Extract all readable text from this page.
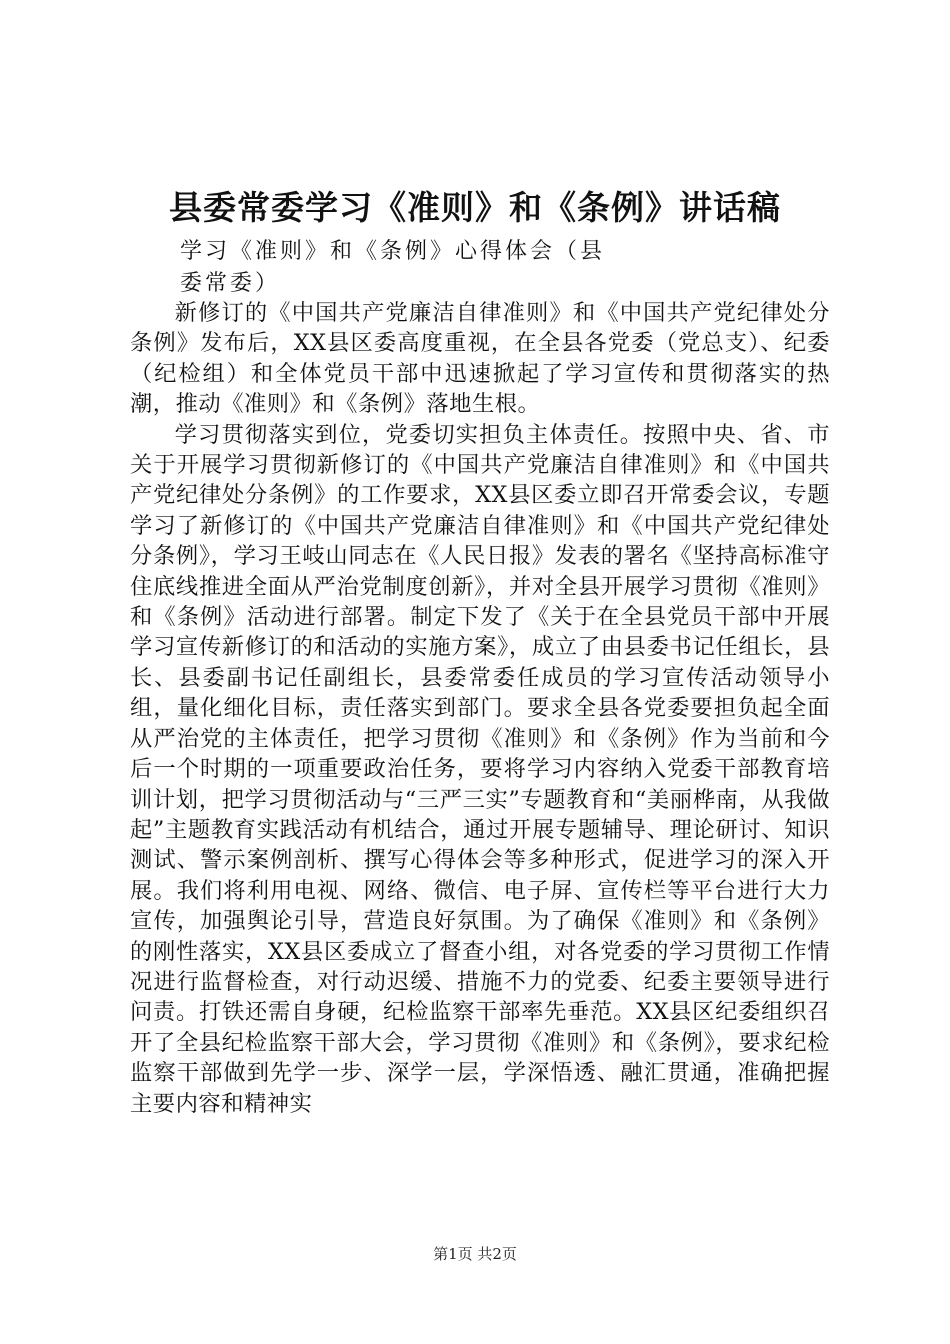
县委常委学习《准则》和《条例》讲话稿
学习《准则》和《条例》心得体会（县委常委）

新修订的《中国共产党廉洁自律准则》和《中国共产党纪律处分条例》发布后，XX县区委高度重视，在全县各党委（党总支）、纪委（纪检组）和全体党员干部中迅速掀起了学习宣传和贯彻落实的热潮，推动《准则》和《条例》落地生根。

学习贯彻落实到位，党委切实担负主体责任。按照中央、省、市关于开展学习贯彻新修订的《中国共产党廉洁自律准则》和《中国共产党纪律处分条例》的工作要求，XX县区委立即召开常委会议，专题学习了新修订的《中国共产党廉洁自律准则》和《中国共产党纪律处分条例》，学习王岐山同志在《人民日报》发表的署名《坚持高标准守住底线推进全面从严治党制度创新》，并对全县开展学习贯彻《准则》和《条例》活动进行部署。制定下发了《关于在全县党员干部中开展学习宣传新修订的和活动的实施方案》，成立了由县委书记任组长，县长、县委副书记任副组长，县委常委任成员的学习宣传活动领导小组，量化细化目标，责任落实到部门。要求全县各党委要担负起全面从严治党的主体责任，把学习贯彻《准则》和《条例》作为当前和今后一个时期的一项重要政治任务，要将学习内容纳入党委干部教育培训计划，把学习贯彻活动与“三严三实”专题教育和“美丽桦南，从我做起”主题教育实践活动有机结合，通过开展专题辅导、理论研讨、知识测试、警示案例剖析、撰写心得体会等多种形式，促进学习的深入开展。我们将利用电视、网络、微信、电子屏、宣传栏等平台进行大力宣传，加强舆论引导，营造良好氛围。为了确保《准则》和《条例》的刚性落实，XX县区委成立了督查小组，对各党委的学习贯彻工作情况进行监督检查，对行动迟缓、措施不力的党委、纪委主要领导进行问责。打铁还需自身硬，纪检监察干部率先垂范。XX县区纪委组织召开了全县纪检监察干部大会，学习贯彻《准则》和《条例》，要求纪检监察干部做到先学一步、深学一层，学深悟透、融汇贯通，准确把握主要内容和精神实

第1页 共2页
